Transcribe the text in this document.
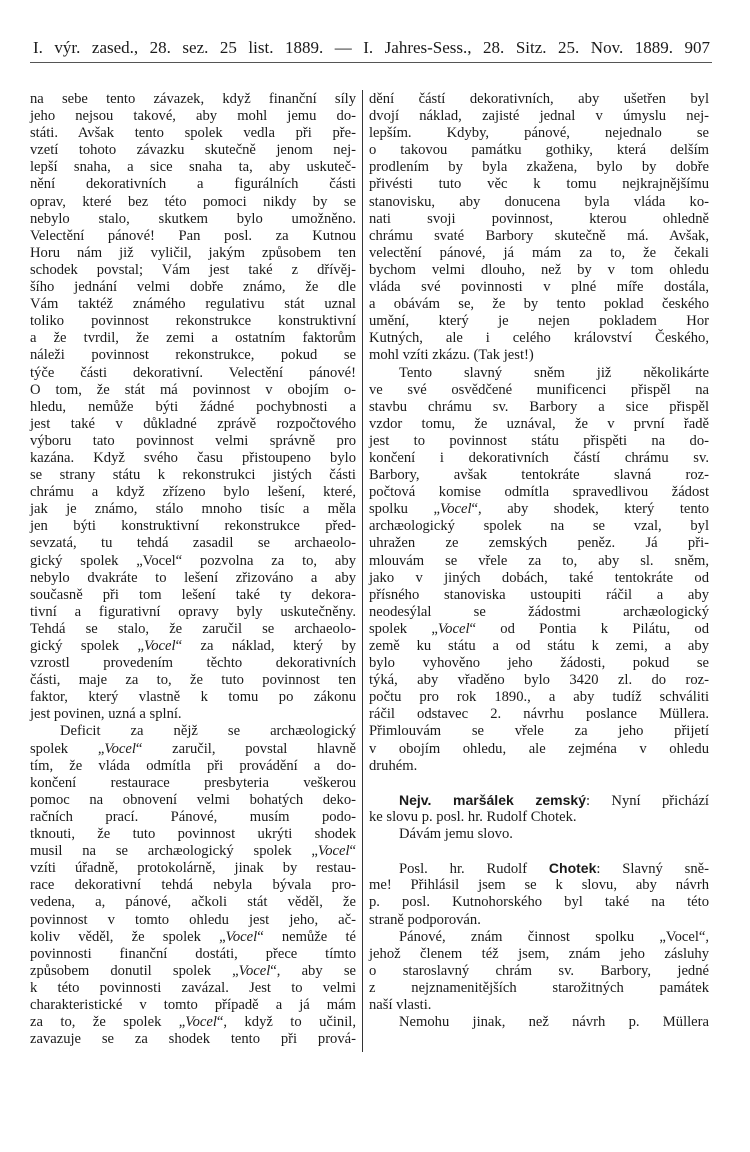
I. výr. zased., 28. sez. 25 list. 1889. — I. Jahres-Sess., 28. Sitz. 25. Nov. 1889. 907
na sebe tento závazek, když finanční síly
jeho nejsou takové, aby mohl jemu do-
státi. Avšak tento spolek vedla při pře-
vzetí tohoto závazku skutečně jenom nej-
lepší snaha, a sice snaha ta, aby uskuteč-
nění dekorativních a figurálních části
oprav, které bez této pomoci nikdy by se
nebylo stalo, skutkem bylo umožněno.
Velectění pánové! Pan posl. za Kutnou
Horu nám již vyličil, jakým způsobem ten
schodek povstal; Vám jest také z dřívěj-
šího jednání velmi dobře známo, že dle
Vám taktéž známého regulativu stát uznal
toliko povinnost rekonstrukce konstruktivní
a že tvrdil, že zemi a ostatním faktorům
náleži povinnost rekonstrukce, pokud se
týče části dekorativní. Velectění pánové!
O tom, že stát má povinnost v obojím o-
hledu, nemůže býti žádné pochybnosti a
jest také v důkladné zprávě rozpočtového
výboru tato povinnost velmi správně pro
kazána. Když svého času přistoupeno bylo
se strany státu k rekonstrukci jistých části
chrámu a když zřízeno bylo lešení, které,
jak je známo, stálo mnoho tisíc a měla
jen býti konstruktivní rekonstrukce před-
sevzatá, tu tehdá zasadil se archaeolo-
gický spolek „Vocel“ pozvolna za to, aby
nebylo dvakráte to lešení zřizováno a aby
současně při tom lešení také ty dekora-
tivní a figurativní opravy byly uskutečněny.
Tehdá se stalo, že zaručil se archaeolo-
gický spolek „Vocel“ za náklad, který by
vzrostl provedením těchto dekorativních
části, maje za to, že tuto povinnost ten
faktor, který vlastně k tomu po zákonu
jest povinen, uzná a splní.
Deficit za nějž se archæologický
spolek „Vocel“ zaručil, povstal hlavně
tím, že vláda odmítla při provádění a do-
končení restaurace presbyteria veškerou
pomoc na obnovení velmi bohatých deko-
račních prací. Pánové, musím podo-
tknouti, že tuto povinnost ukrýti shodek
musil na se archæologický spolek „Vocel“
vzíti úřadně, protokolárně, jinak by restau-
race dekorativní tehdá nebyla bývala pro-
vedena, a, pánové, ačkoli stát věděl, že
povinnost v tomto ohledu jest jeho, ač-
koliv věděl, že spolek „Vocel“ nemůže té
povinnosti finanční dostáti, přece tímto
způsobem donutil spolek „Vocel“, aby se
k této povinnosti zavázal. Jest to velmi
charakteristické v tomto případě a já mám
za to, že spolek „Vocel“, když to učinil,
zavazuje se za shodek tento při prová-
dění částí dekorativních, aby ušetřen byl
dvojí náklad, zajisté jednal v úmyslu nej-
lepším. Kdyby, pánové, nejednalo se
o takovou památku gothiky, která delším
prodlením by byla zkažena, bylo by dobře
přivésti tuto věc k tomu nejkrajnějšímu
stanovisku, aby donucena byla vláda ko-
nati svoji povinnost, kterou ohledně
chrámu svaté Barbory skutečně má. Avšak,
velectění pánové, já mám za to, že čekali
bychom velmi dlouho, než by v tom ohledu
vláda své povinnosti v plné míře dostála,
a obávám se, že by tento poklad českého
umění, který je nejen pokladem Hor
Kutných, ale i celého království Českého,
mohl vzíti zkázu. (Tak jest!)
Tento slavný sněm již několikárte
ve své osvědčené munificenci přispěl na
stavbu chrámu sv. Barbory a sice přispěl
vzdor tomu, že uznával, že v první řadě
jest to povinnost státu přispěti na do-
končení i dekorativních částí chrámu sv.
Barbory, avšak tentokráte slavná roz-
počtová komise odmítla spravedlivou žádost
spolku „Vocel“, aby shodek, který tento
archæologický spolek na se vzal, byl
uhražen ze zemských peněz. Já při-
mlouvám se vřele za to, aby sl. sněm,
jako v jiných dobách, také tentokráte od
přísného stanoviska ustoupiti ráčil a aby
neodesýlal se žádostmi archæologický
spolek „Vocel“ od Pontia k Pilátu, od
země ku státu a od státu k zemi, a aby
bylo vyhověno jeho žádosti, pokud se
týká, aby vřaděno bylo 3420 zl. do roz-
počtu pro rok 1890., a aby tudíž schváliti
ráčil odstavec 2. návrhu poslance Müllera.
Přimlouvám se vřele za jeho přijetí
v obojím ohledu, ale zejména v ohledu
druhém.
Nejv. maršálek zemský: Nyní přichází
ke slovu p. posl. hr. Rudolf Chotek.
Dávám jemu slovo.
Posl. hr. Rudolf Chotek: Slavný sně-
me! Přihlásil jsem se k slovu, aby návrh
p. posl. Kutnohorského byl také na této
straně podporován.
Pánové, znám činnost spolku „Vocel“,
jehož členem též jsem, znám jeho zásluhy
o staroslavný chrám sv. Barbory, jedné
z nejznamenitějších starožitných památek
naší vlasti.
Nemohu jinak, než návrh p. Müllera
